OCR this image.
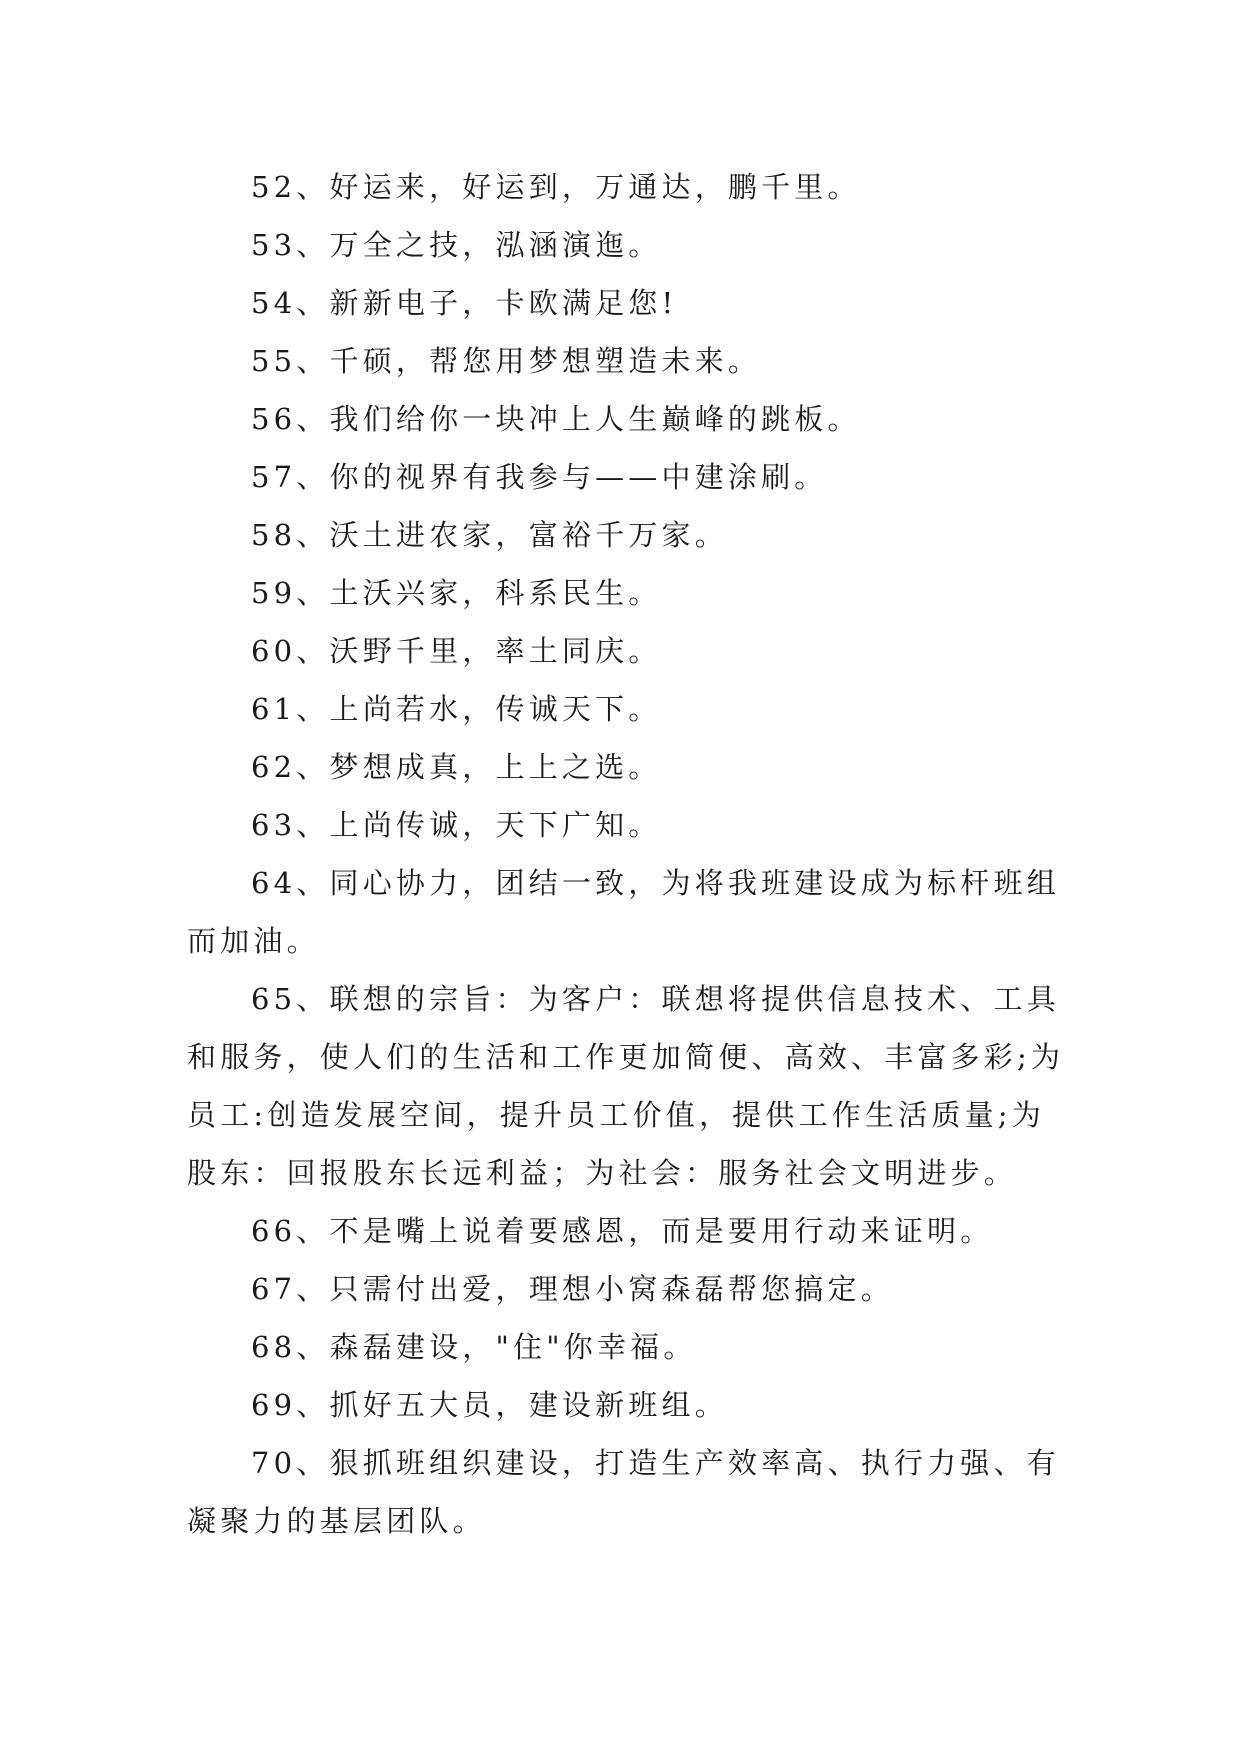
52、好运来，好运到，万通达，鹏千里。

53、万全之技，泓涵演迤。

54、新新电子，卡欧满足您!

55、千硕，帮您用梦想塑造未来。

56、我们给你一块冲上人生巅峰的跳板。

57、你的视界有我参与——中建涂刷。

58、沃土进农家，富裕千万家。

59、土沃兴家，科系民生。

60、沃野千里，率土同庆。

61、上尚若水，传诚天下。

62、梦想成真，上上之选。

63、上尚传诚，天下广知。

64、同心协力，团结一致，为将我班建设成为标杆班组而加油。

65、联想的宗旨：为客户：联想将提供信息技术、工具和服务，使人们的生活和工作更加简便、高效、丰富多彩;为员工:创造发展空间，提升员工价值，提供工作生活质量;为股东：回报股东长远利益；为社会：服务社会文明进步。

66、不是嘴上说着要感恩，而是要用行动来证明。

67、只需付出爱，理想小窝森磊帮您搞定。

68、森磊建设，"住"你幸福。

69、抓好五大员，建设新班组。

70、狠抓班组织建设，打造生产效率高、执行力强、有凝聚力的基层团队。
